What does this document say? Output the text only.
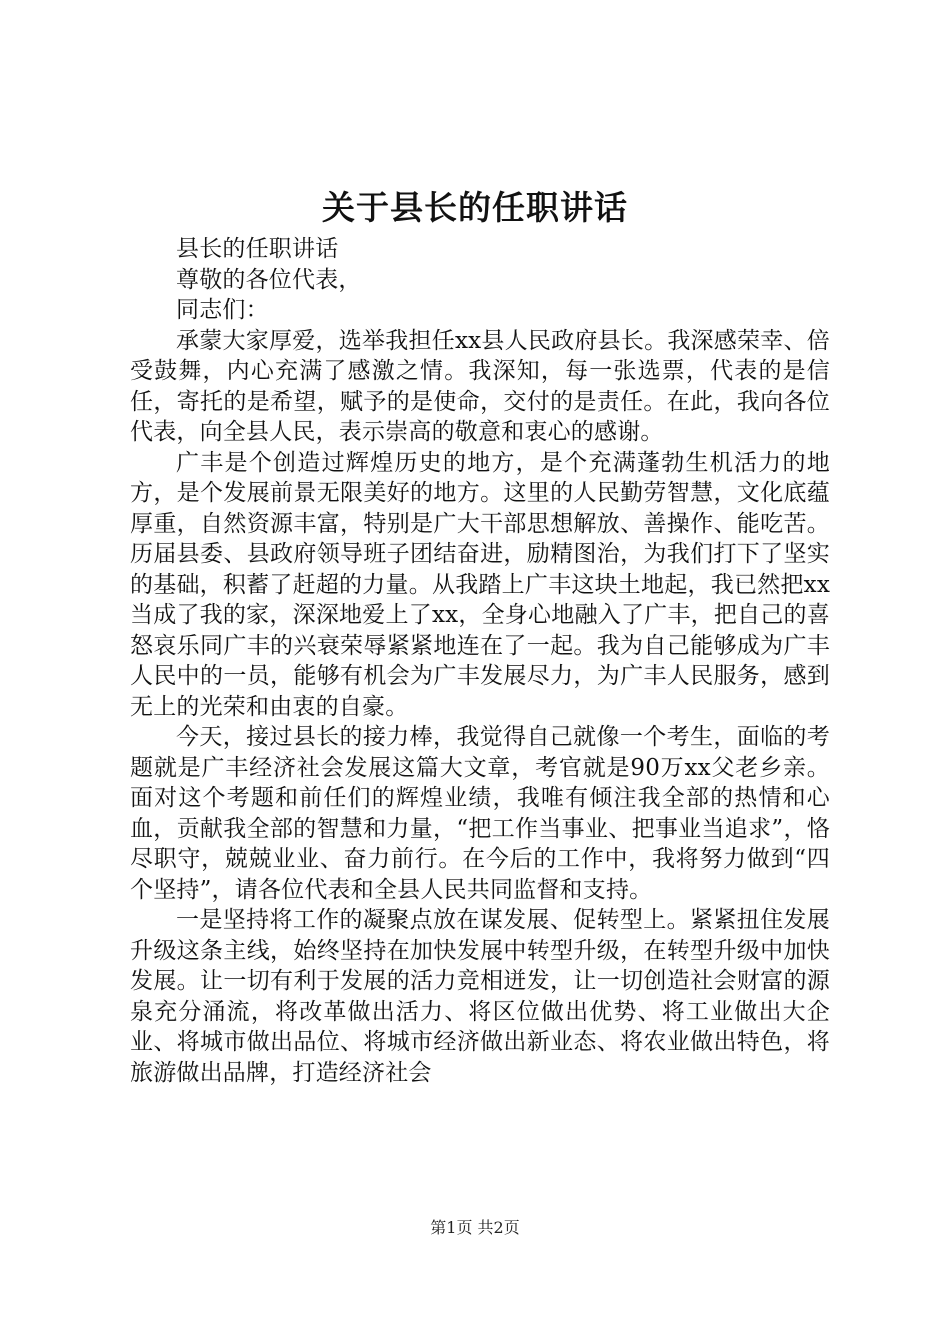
关于县长的任职讲话

县长的任职讲话

尊敬的各位代表，

同志们：

承蒙大家厚爱，选举我担任xx县人民政府县长。我深感荣幸、倍受鼓舞，内心充满了感激之情。我深知，每一张选票，代表的是信任，寄托的是希望，赋予的是使命，交付的是责任。在此，我向各位代表，向全县人民，表示崇高的敬意和衷心的感谢。

广丰是个创造过辉煌历史的地方，是个充满蓬勃生机活力的地方，是个发展前景无限美好的地方。这里的人民勤劳智慧，文化底蕴厚重，自然资源丰富，特别是广大干部思想解放、善操作、能吃苦。历届县委、县政府领导班子团结奋进，励精图治，为我们打下了坚实的基础，积蓄了赶超的力量。从我踏上广丰这块土地起，我已然把xx当成了我的家，深深地爱上了xx，全身心地融入了广丰，把自己的喜怒哀乐同广丰的兴衰荣辱紧紧地连在了一起。我为自己能够成为广丰人民中的一员，能够有机会为广丰发展尽力，为广丰人民服务，感到无上的光荣和由衷的自豪。

今天，接过县长的接力棒，我觉得自己就像一个考生，面临的考题就是广丰经济社会发展这篇大文章，考官就是90万xx父老乡亲。面对这个考题和前任们的辉煌业绩，我唯有倾注我全部的热情和心血，贡献我全部的智慧和力量，“把工作当事业、把事业当追求”，恪尽职守，兢兢业业、奋力前行。在今后的工作中，我将努力做到“四个坚持”，请各位代表和全县人民共同监督和支持。

一是坚持将工作的凝聚点放在谋发展、促转型上。紧紧扭住发展升级这条主线，始终坚持在加快发展中转型升级，在转型升级中加快发展。让一切有利于发展的活力竞相迸发，让一切创造社会财富的源泉充分涌流，将改革做出活力、将区位做出优势、将工业做出大企业、将城市做出品位、将城市经济做出新业态、将农业做出特色，将旅游做出品牌，打造经济社会

第1页 共2页
